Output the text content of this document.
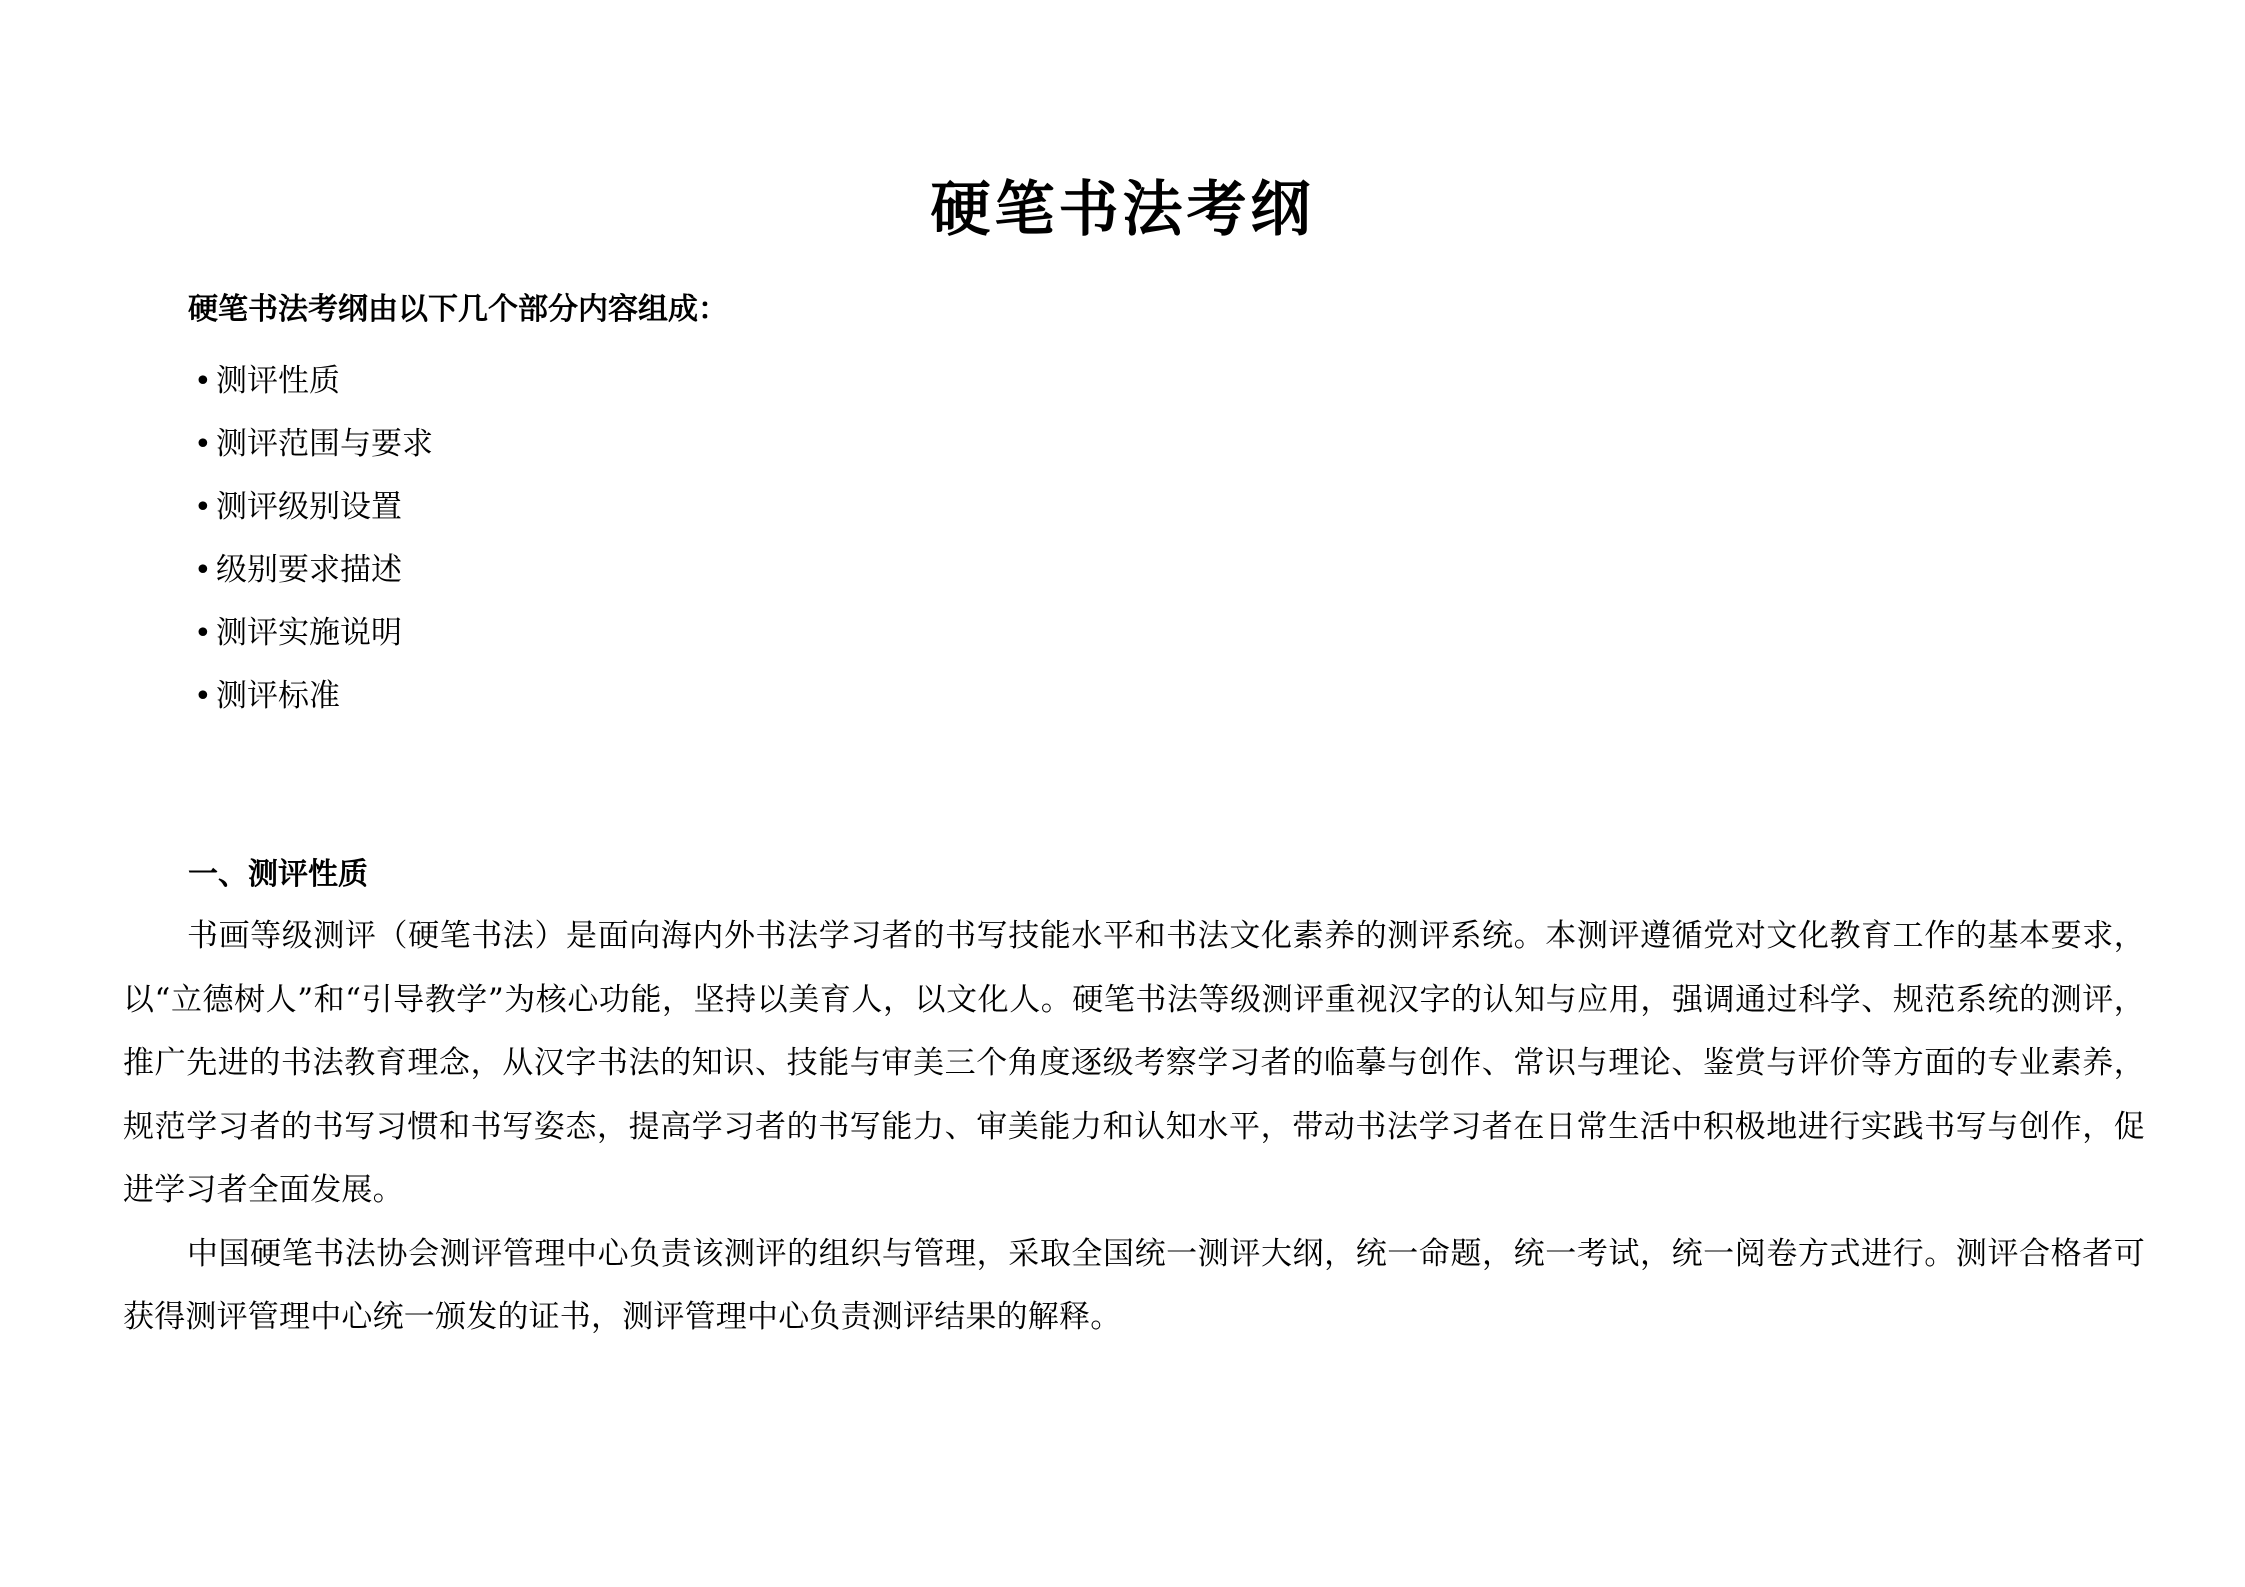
硬笔书法考纲
硬笔书法考纲由以下几个部分内容组成：
• 测评性质
• 测评范围与要求
• 测评级别设置
• 级别要求描述
• 测评实施说明
• 测评标准
一、测评性质

书画等级测评（硬笔书法）是面向海内外书法学习者的书写技能水平和书法文化素养的测评系统。本测评遵循党对文化教育工作的基本要求，以“立德树人”和“引导教学”为核心功能，坚持以美育人，以文化人。硬笔书法等级测评重视汉字的认知与应用，强调通过科学、规范系统的测评，推广先进的书法教育理念，从汉字书法的知识、技能与审美三个角度逐级考察学习者的临摹与创作、常识与理论、鉴赏与评价等方面的专业素养，规范学习者的书写习惯和书写姿态，提高学习者的书写能力、审美能力和认知水平，带动书法学习者在日常生活中积极地进行实践书写与创作，促进学习者全面发展。

中国硬笔书法协会测评管理中心负责该测评的组织与管理，采取全国统一测评大纲，统一命题，统一考试，统一阅卷方式进行。测评合格者可获得测评管理中心统一颁发的证书，测评管理中心负责测评结果的解释。
